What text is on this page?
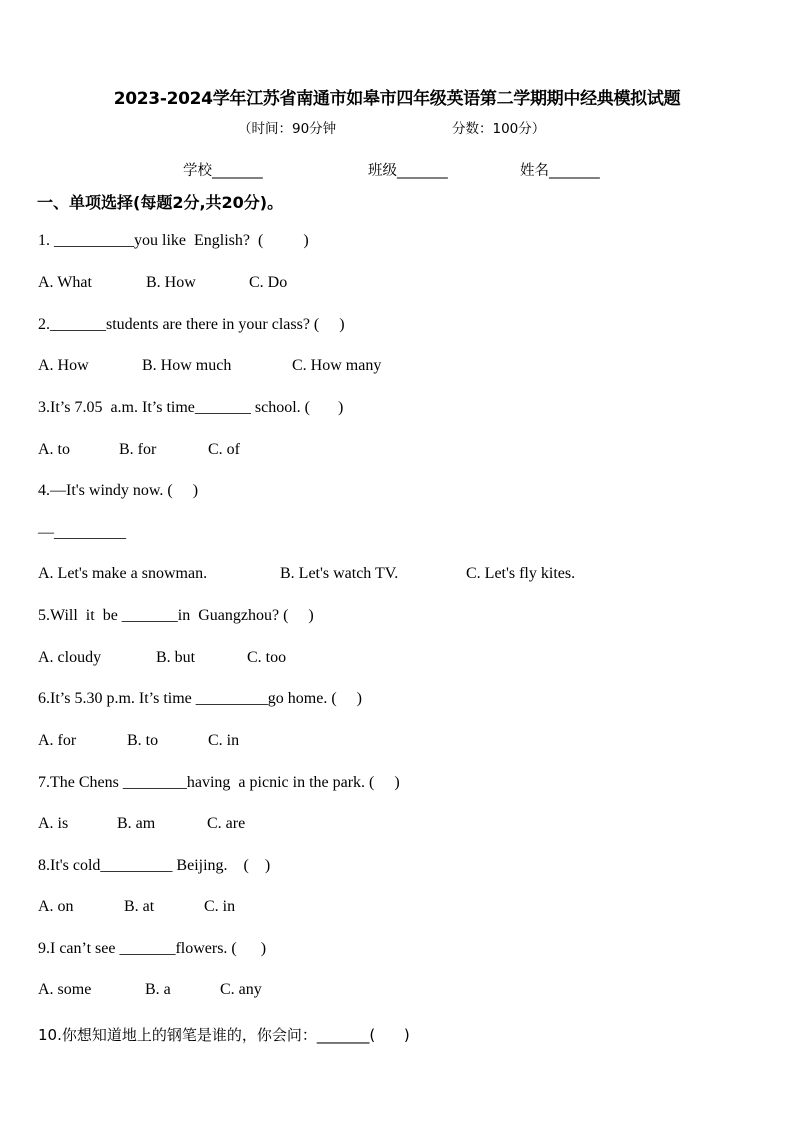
2023-2024学年江苏省南通市如皋市四年级英语第二学期期中经典模拟试题
（时间：90分钟	分数：100分）
学校_______	班级_______	姓名_______
一、单项选择(每题2分,共20分)。
1. __________you like  English?  (          )
A. What	B. How	C. Do
2._______students are there in your class? (     )
A. How	B. How much	C. How many
3.It’s 7.05  a.m. It’s time_______ school. (       )
A. to	B. for	C. of
4.—It's windy now. (     )
—_________
A. Let's make a snowman.	B. Let's watch TV.	C. Let's fly kites.
5.Will  it  be _______in  Guangzhou? (     )
A. cloudy	B. but	C. too
6.It’s 5.30 p.m. It’s time _________go home. (     )
A. for	B. to	C. in
7.The Chens ________having  a picnic in the park. (     )
A. is	B. am	C. are
8.It's cold_________ Beijing.    (    )
A. on	B. at	C. in
9.I can’t see _______flowers. (      )
A. some	B. a	C. any
10.你想知道地上的钢笔是谁的，你会问：_______(      )
